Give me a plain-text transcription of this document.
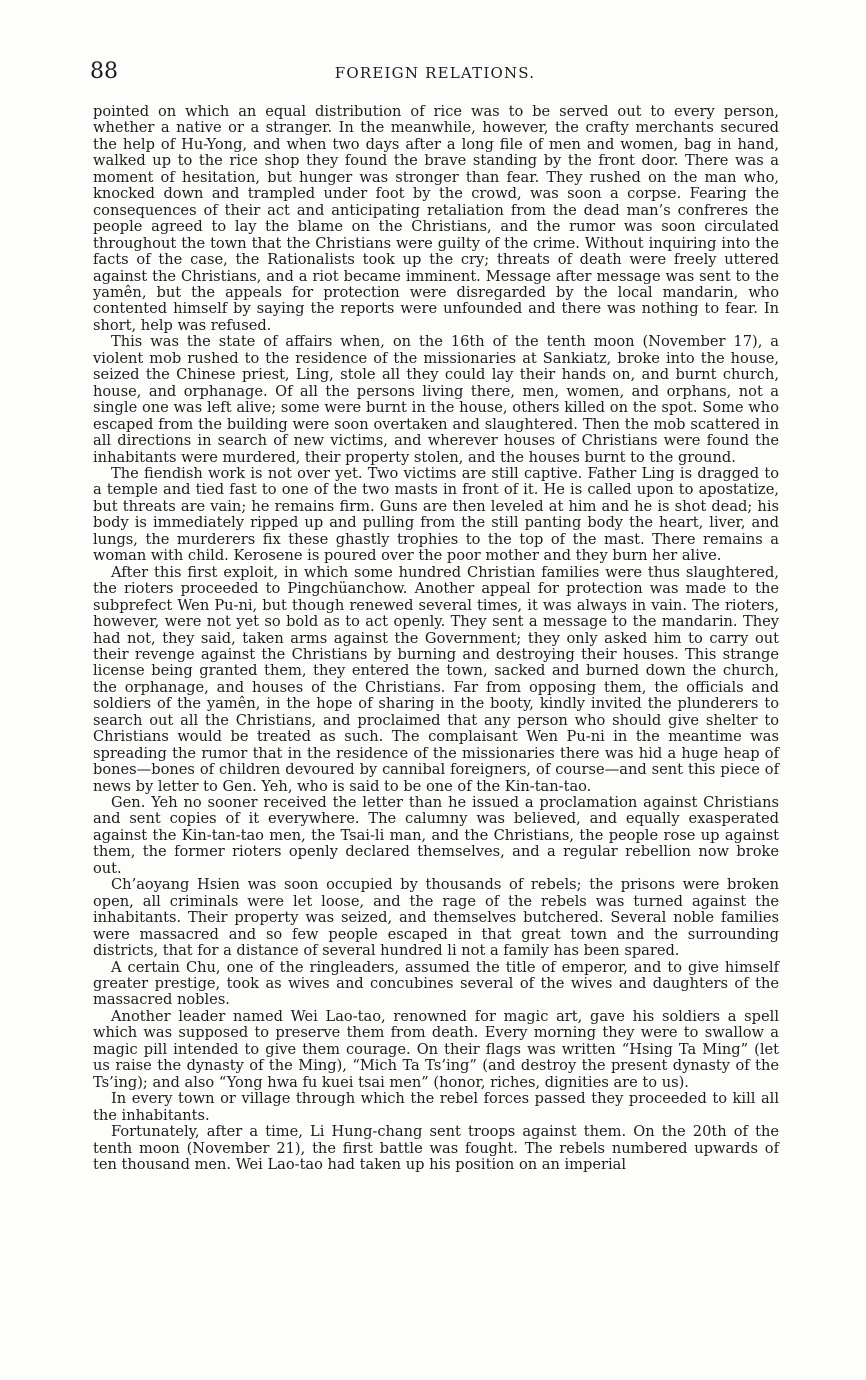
88	FOREIGN RELATIONS.

pointed on which an equal distribution of rice was to be served out to every person, whether a native or a stranger. In the meanwhile, however, the crafty merchants secured the help of Hu-Yong, and when two days after a long file of men and women, bag in hand, walked up to the rice shop they found the brave standing by the front door. There was a moment of hesitation, but hunger was stronger than fear. They rushed on the man who, knocked down and trampled under foot by the crowd, was soon a corpse. Fearing the consequences of their act and anticipating retaliation from the dead man’s confreres the people agreed to lay the blame on the Christians, and the rumor was soon circulated throughout the town that the Christians were guilty of the crime. Without inquiring into the facts of the case, the Rationalists took up the cry; threats of death were freely uttered against the Christians, and a riot became imminent. Message after message was sent to the yamên, but the appeals for protection were disregarded by the local mandarin, who contented himself by saying the reports were unfounded and there was nothing to fear. In short, help was refused.

This was the state of affairs when, on the 16th of the tenth moon (November 17), a violent mob rushed to the residence of the missionaries at Sankiatz, broke into the house, seized the Chinese priest, Ling, stole all they could lay their hands on, and burnt church, house, and orphanage. Of all the persons living there, men, women, and orphans, not a single one was left alive; some were burnt in the house, others killed on the spot. Some who escaped from the building were soon overtaken and slaughtered. Then the mob scattered in all directions in search of new victims, and wherever houses of Christians were found the inhabitants were murdered, their property stolen, and the houses burnt to the ground.

The fiendish work is not over yet. Two victims are still captive. Father Ling is dragged to a temple and tied fast to one of the two masts in front of it. He is called upon to apostatize, but threats are vain; he remains firm. Guns are then leveled at him and he is shot dead; his body is immediately ripped up and pulling from the still panting body the heart, liver, and lungs, the murderers fix these ghastly trophies to the top of the mast. There remains a woman with child. Kerosene is poured over the poor mother and they burn her alive.

After this first exploit, in which some hundred Christian families were thus slaughtered, the rioters proceeded to Pingchüanchow. Another appeal for protection was made to the subprefect Wen Pu-ni, but though renewed several times, it was always in vain. The rioters, however, were not yet so bold as to act openly. They sent a message to the mandarin. They had not, they said, taken arms against the Government; they only asked him to carry out their revenge against the Christians by burning and destroying their houses. This strange license being granted them, they entered the town, sacked and burned down the church, the orphanage, and houses of the Christians. Far from opposing them, the officials and soldiers of the yamên, in the hope of sharing in the booty, kindly invited the plunderers to search out all the Christians, and proclaimed that any person who should give shelter to Christians would be treated as such. The complaisant Wen Pu-ni in the meantime was spreading the rumor that in the residence of the missionaries there was hid a huge heap of bones—bones of children devoured by cannibal foreigners, of course—and sent this piece of news by letter to Gen. Yeh, who is said to be one of the Kin-tan-tao.

Gen. Yeh no sooner received the letter than he issued a proclamation against Christians and sent copies of it everywhere. The calumny was believed, and equally exasperated against the Kin-tan-tao men, the Tsai-li man, and the Christians, the people rose up against them, the former rioters openly declared themselves, and a regular rebellion now broke out.

Ch’aoyang Hsien was soon occupied by thousands of rebels; the prisons were broken open, all criminals were let loose, and the rage of the rebels was turned against the inhabitants. Their property was seized, and themselves butchered. Several noble families were massacred and so few people escaped in that great town and the surrounding districts, that for a distance of several hundred li not a family has been spared.

A certain Chu, one of the ringleaders, assumed the title of emperor, and to give himself greater prestige, took as wives and concubines several of the wives and daughters of the massacred nobles.

Another leader named Wei Lao-tao, renowned for magic art, gave his soldiers a spell which was supposed to preserve them from death. Every morning they were to swallow a magic pill intended to give them courage. On their flags was written “Hsing Ta Ming” (let us raise the dynasty of the Ming), “Mich Ta Ts’ing” (and destroy the present dynasty of the Ts’ing); and also “Yong hwa fu kuei tsai men” (honor, riches, dignities are to us).

In every town or village through which the rebel forces passed they proceeded to kill all the inhabitants.

Fortunately, after a time, Li Hung-chang sent troops against them. On the 20th of the tenth moon (November 21), the first battle was fought. The rebels numbered upwards of ten thousand men. Wei Lao-tao had taken up his position on an imperial
